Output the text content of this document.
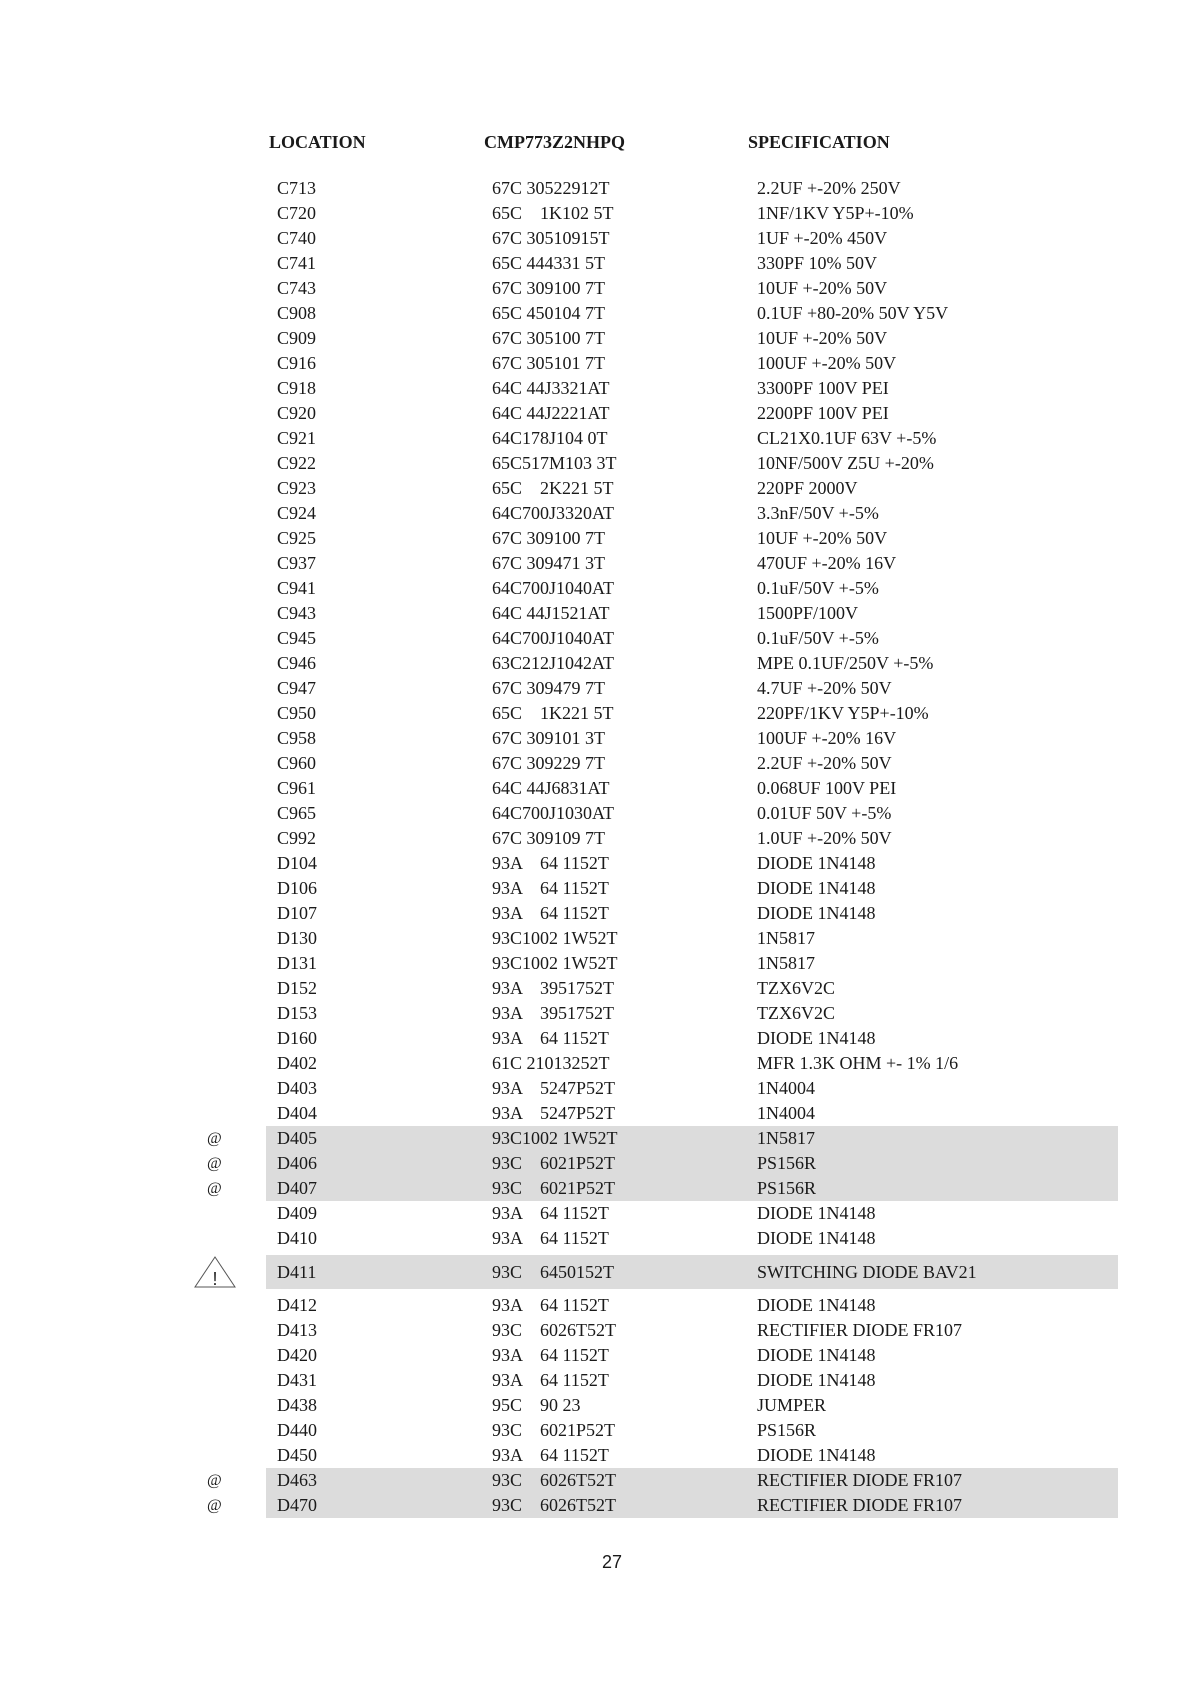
LOCATION	CMP773Z2NHPQ	SPECIFICATION
C713	67C 30522912T	2.2UF +-20% 250V
C720	65C    1K102 5T	1NF/1KV Y5P+-10%
C740	67C 30510915T	1UF +-20% 450V
C741	65C 444331 5T	330PF 10% 50V
C743	67C 309100 7T	10UF +-20% 50V
C908	65C 450104 7T	0.1UF +80-20% 50V Y5V
C909	67C 305100 7T	10UF +-20% 50V
C916	67C 305101 7T	100UF +-20% 50V
C918	64C 44J3321AT	3300PF 100V PEI
C920	64C 44J2221AT	2200PF 100V PEI
C921	64C178J104 0T	CL21X0.1UF 63V +-5%
C922	65C517M103 3T	10NF/500V Z5U +-20%
C923	65C    2K221 5T	220PF 2000V
C924	64C700J3320AT	3.3nF/50V +-5%
C925	67C 309100 7T	10UF +-20% 50V
C937	67C 309471 3T	470UF +-20% 16V
C941	64C700J1040AT	0.1uF/50V +-5%
C943	64C 44J1521AT	1500PF/100V
C945	64C700J1040AT	0.1uF/50V +-5%
C946	63C212J1042AT	MPE 0.1UF/250V +-5%
C947	67C 309479 7T	4.7UF +-20% 50V
C950	65C    1K221 5T	220PF/1KV Y5P+-10%
C958	67C 309101 3T	100UF +-20% 16V
C960	67C 309229 7T	2.2UF +-20% 50V
C961	64C 44J6831AT	0.068UF 100V PEI
C965	64C700J1030AT	0.01UF 50V +-5%
C992	67C 309109 7T	1.0UF +-20% 50V
D104	93A    64 1152T	DIODE 1N4148
D106	93A    64 1152T	DIODE 1N4148
D107	93A    64 1152T	DIODE 1N4148
D130	93C1002 1W52T	1N5817
D131	93C1002 1W52T	1N5817
D152	93A    3951752T	TZX6V2C
D153	93A    3951752T	TZX6V2C
D160	93A    64 1152T	DIODE 1N4148
D402	61C 21013252T	MFR 1.3K OHM +- 1% 1/6
D403	93A    5247P52T	1N4004
D404	93A    5247P52T	1N4004
@	D405	93C1002 1W52T	1N5817
@	D406	93C    6021P52T	PS156R
@	D407	93C    6021P52T	PS156R
D409	93A    64 1152T	DIODE 1N4148
D410	93A    64 1152T	DIODE 1N4148
!	D411	93C    6450152T	SWITCHING DIODE BAV21
D412	93A    64 1152T	DIODE 1N4148
D413	93C    6026T52T	RECTIFIER DIODE FR107
D420	93A    64 1152T	DIODE 1N4148
D431	93A    64 1152T	DIODE 1N4148
D438	95C    90 23	JUMPER
D440	93C    6021P52T	PS156R
D450	93A    64 1152T	DIODE 1N4148
@	D463	93C    6026T52T	RECTIFIER DIODE FR107
@	D470	93C    6026T52T	RECTIFIER DIODE FR107
27
